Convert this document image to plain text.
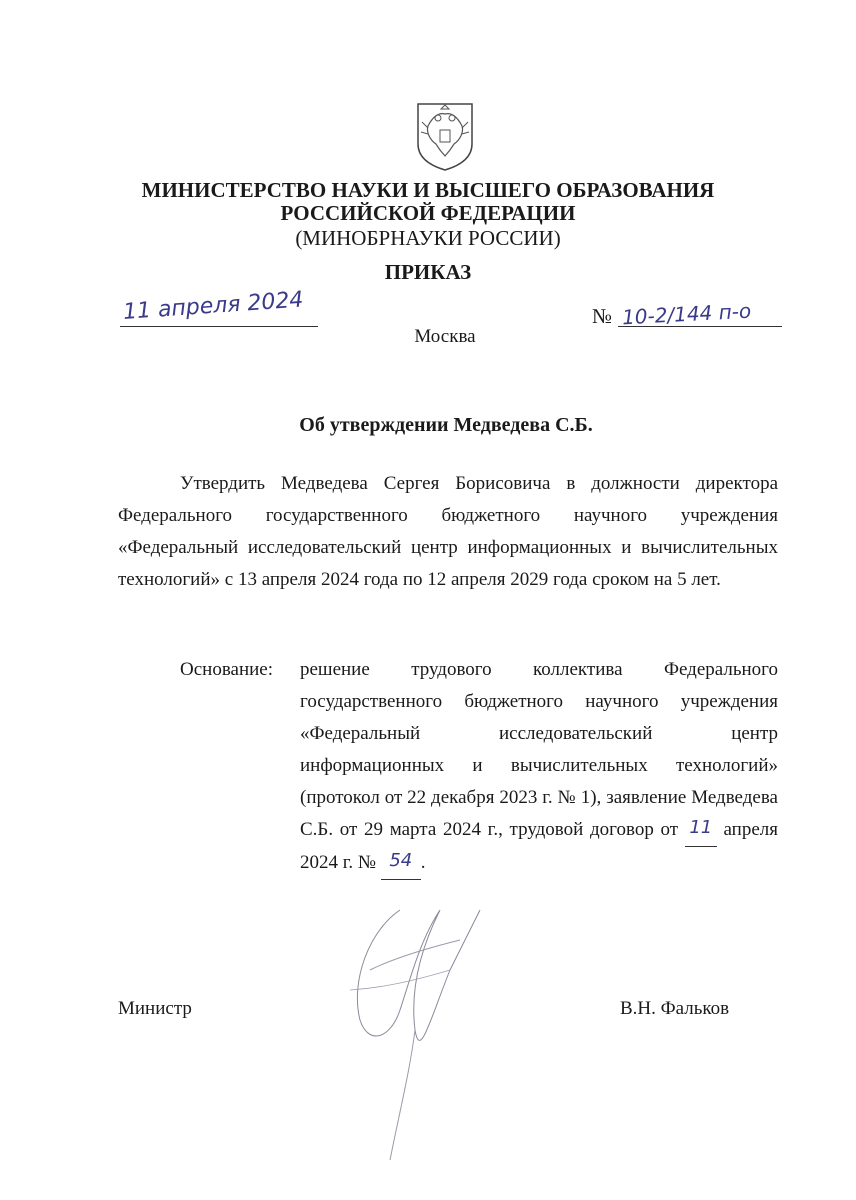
МИНИСТЕРСТВО НАУКИ И ВЫСШЕГО ОБРАЗОВАНИЯ
РОССИЙСКОЙ ФЕДЕРАЦИИ
(МИНОБРНАУКИ РОССИИ)
ПРИКАЗ
11 апреля 2024	№ 10-2/144 п-о
Москва
Об утверждении Медведева С.Б.
Утвердить Медведева Сергея Борисовича в должности директора Федерального государственного бюджетного научного учреждения «Федеральный исследовательский центр информационных и вычислительных технологий» с 13 апреля 2024 года по 12 апреля 2029 года сроком на 5 лет.
Основание: решение трудового коллектива Федерального государственного бюджетного научного учреждения «Федеральный исследовательский центр информационных и вычислительных технологий» (протокол от 22 декабря 2023 г. № 1), заявление Медведева С.Б. от 29 марта 2024 г., трудовой договор от 11 апреля 2024 г. № 54 .
Министр	В.Н. Фальков
